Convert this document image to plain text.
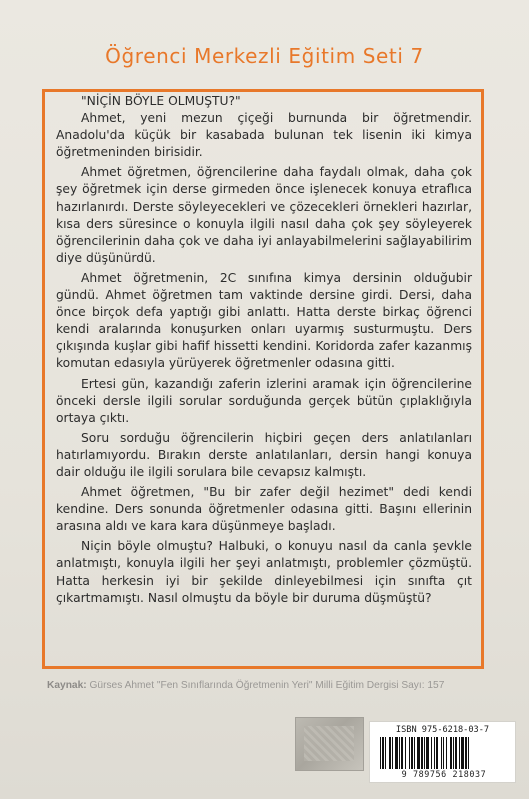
Öğrenci Merkezli Eğitim Seti 7

"NİÇİN BÖYLE OLMUŞTU?"

Ahmet, yeni mezun çiçeği burnunda bir öğretmendir. Anadolu'da küçük bir kasabada bulunan tek lisenin iki kimya öğretmeninden birisidir.

Ahmet öğretmen, öğrencilerine daha faydalı olmak, daha çok şey öğretmek için derse girmeden önce işlenecek konuya etraflıca hazırlanırdı. Derste söyleyecekleri ve çözecekleri örnekleri hazırlar, kısa ders süresince o konuyla ilgili nasıl daha çok şey söyleyerek öğrencilerinin daha çok ve daha iyi anlayabilmelerini sağlayabilirim diye düşünürdü.

Ahmet öğretmenin, 2C sınıfına kimya dersinin olduğubir gündü. Ahmet öğretmen tam vaktinde dersine girdi. Dersi, daha önce birçok defa yaptığı gibi anlattı. Hatta derste birkaç öğrenci kendi aralarında konuşurken onları uyarmış susturmuştu. Ders çıkışında kuşlar gibi hafif hissetti kendini. Koridorda zafer kazanmış komutan edasıyla yürüyerek öğretmenler odasına gitti.

Ertesi gün, kazandığı zaferin izlerini aramak için öğrencilerine önceki dersle ilgili sorular sorduğunda gerçek bütün çıplaklığıyla ortaya çıktı.

Soru sorduğu öğrencilerin hiçbiri geçen ders anlatılanları hatırlamıyordu. Bırakın derste anlatılanları, dersin hangi konuya dair olduğu ile ilgili sorulara bile cevapsız kalmıştı.

Ahmet öğretmen, "Bu bir zafer değil hezimet" dedi kendi kendine. Ders sonunda öğretmenler odasına gitti. Başını ellerinin arasına aldı ve kara kara düşünmeye başladı.

Niçin böyle olmuştu? Halbuki, o konuyu nasıl da canla şevkle anlatmıştı, konuyla ilgili her şeyi anlatmıştı, problemler çözmüştü. Hatta herkesin iyi bir şekilde dinleyebilmesi için sınıfta çıt çıkartmamıştı. Nasıl olmuştu da böyle bir duruma düşmüştü?

Kaynak: Gürses Ahmet "Fen Sınıflarında Öğretmenin Yeri" Milli Eğitim Dergisi Sayı: 157
ISBN 975-6218-03-7
9 789756 218037
